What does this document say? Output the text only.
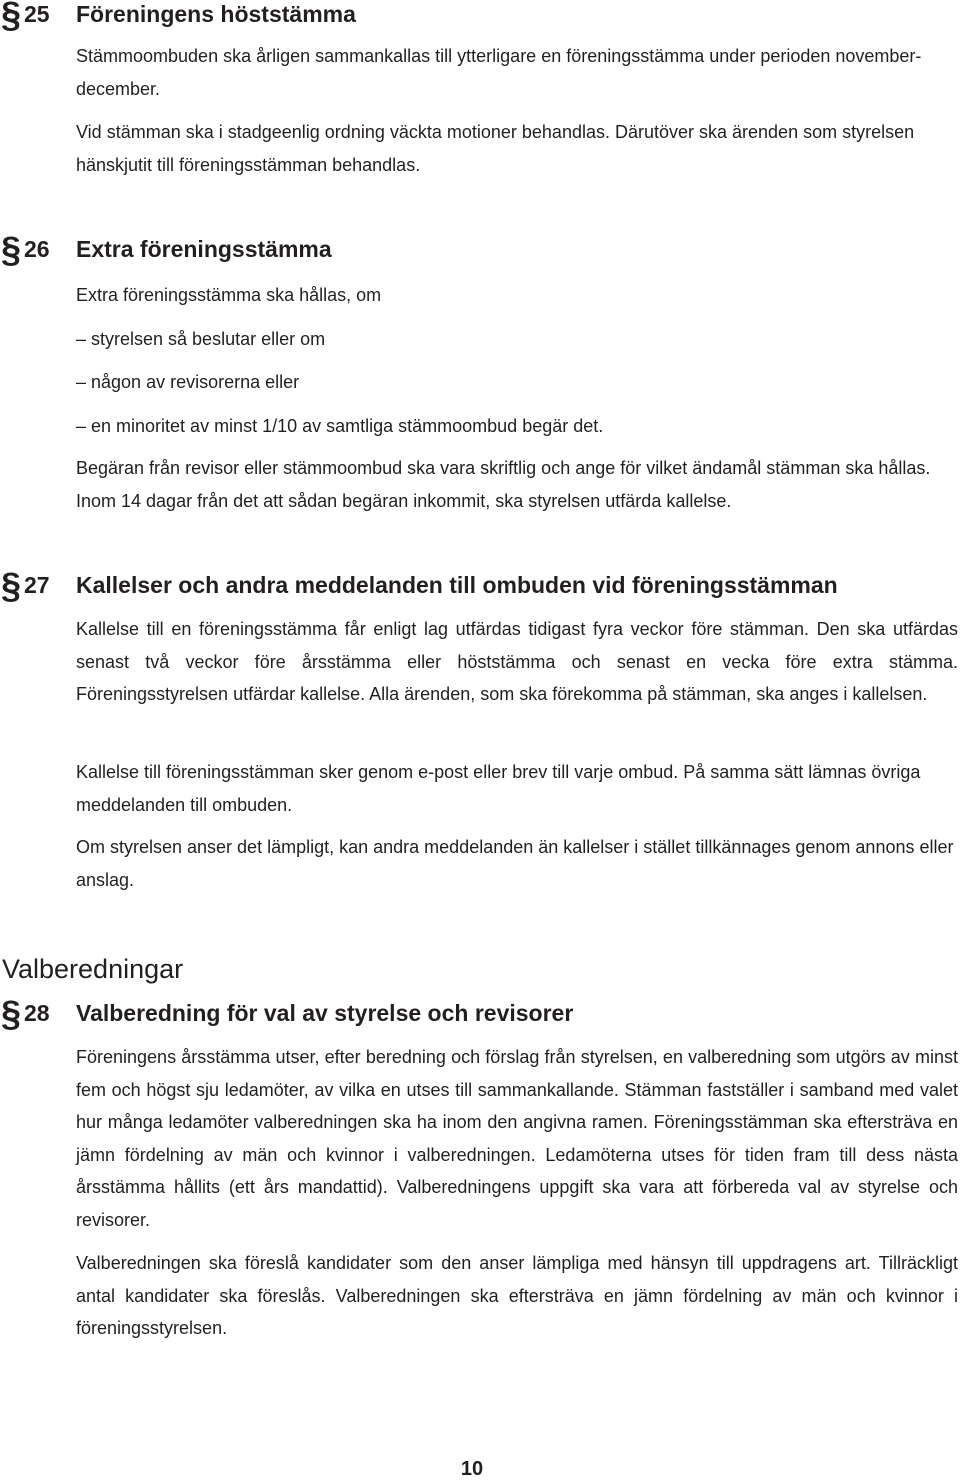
§ 25 Föreningens höststämma
Stämmoombuden ska årligen sammankallas till ytterligare en föreningsstämma under perioden november-december.
Vid stämman ska i stadgeenlig ordning väckta motioner behandlas. Därutöver ska ärenden som styrelsen hänskjutit till föreningsstämman behandlas.
§ 26 Extra föreningsstämma
Extra föreningsstämma ska hållas, om
– styrelsen så beslutar eller om
– någon av revisorerna eller
– en minoritet av minst 1/10 av samtliga stämmoombud begär det.
Begäran från revisor eller stämmoombud ska vara skriftlig och ange för vilket ändamål stämman ska hållas. Inom 14 dagar från det att sådan begäran inkommit, ska styrelsen utfärda kallelse.
§ 27 Kallelser och andra meddelanden till ombuden vid föreningsstämman
Kallelse till en föreningsstämma får enligt lag utfärdas tidigast fyra veckor före stämman. Den ska utfärdas senast två veckor före årsstämma eller höststämma och senast en vecka före extra stämma. Föreningsstyrelsen utfärdar kallelse. Alla ärenden, som ska förekomma på stämman, ska anges i kallelsen.
Kallelse till föreningsstämman sker genom e-post eller brev till varje ombud. På samma sätt lämnas övriga meddelanden till ombuden.
Om styrelsen anser det lämpligt, kan andra meddelanden än kallelser i stället tillkännages genom annons eller anslag.
Valberedningar
§ 28 Valberedning för val av styrelse och revisorer
Föreningens årsstämma utser, efter beredning och förslag från styrelsen, en valberedning som utgörs av minst fem och högst sju ledamöter, av vilka en utses till sammankallande. Stämman fastställer i samband med valet hur många ledamöter valberedningen ska ha inom den angivna ramen. Föreningsstämman ska eftersträva en jämn fördelning av män och kvinnor i valberedningen. Ledamöterna utses för tiden fram till dess nästa årsstämma hållits (ett års mandattid). Valberedningens uppgift ska vara att förbereda val av styrelse och revisorer.
Valberedningen ska föreslå kandidater som den anser lämpliga med hänsyn till uppdragens art. Tillräckligt antal kandidater ska föreslås. Valberedningen ska eftersträva en jämn fördelning av män och kvinnor i föreningsstyrelsen.
10
